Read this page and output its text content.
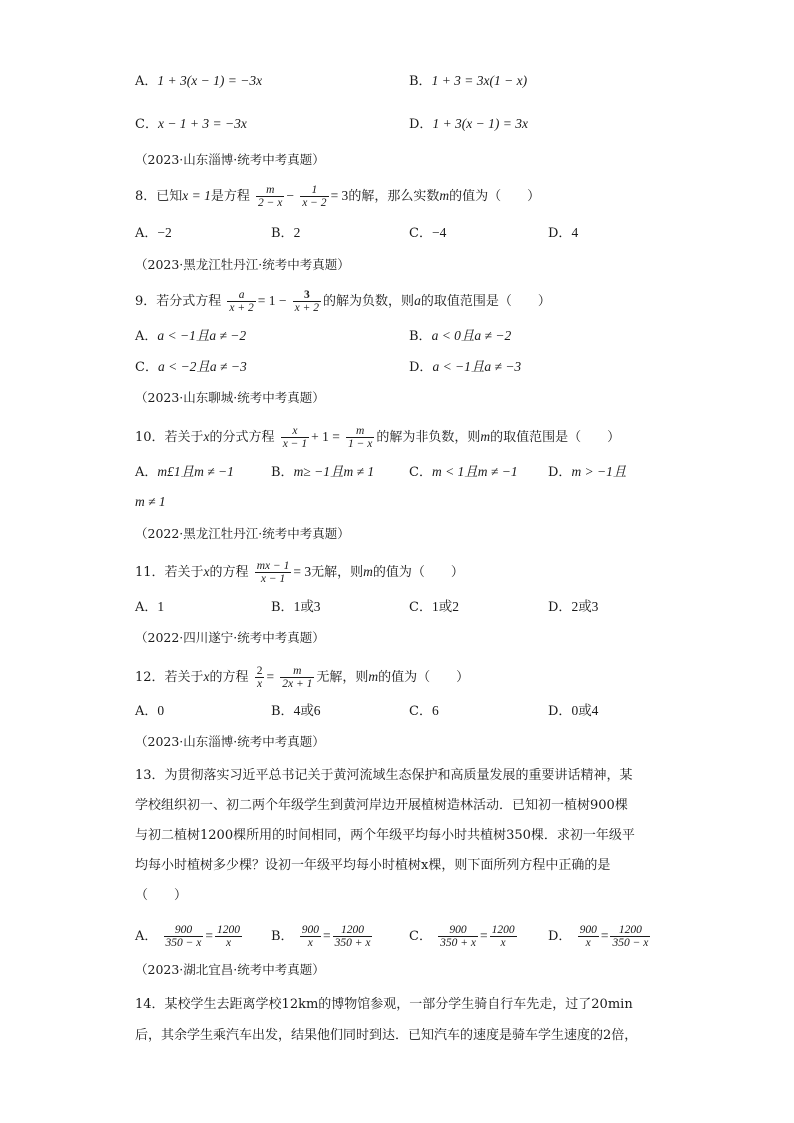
A．1 + 3(x − 1) = −3x	B．1 + 3 = 3x(1 − x)
C．x − 1 + 3 = −3x	D．1 + 3(x − 1) = 3x
（2023·山东淄博·统考中考真题）
8．已知x = 1是方程 $\frac{m}{2 - x} - \frac{1}{x - 2} = 3$的解，那么实数m的值为（　　）
A．−2	B．2	C．−4	D．4
（2023·黑龙江牡丹江·统考中考真题）
9．若分式方程 $\frac{a}{x + 2} = 1 - \frac{3}{x + 2}$ 的解为负数，则a的取值范围是（　　）
A．a < −1且a ≠ −2	B．a < 0且a ≠ −2
C．a < −2且a ≠ −3	D．a < −1且a ≠ −3
（2023·山东聊城·统考中考真题）
10．若关于x的分式方程 $\frac{x}{x - 1} + 1 = \frac{m}{1 - x}$ 的解为非负数，则m的取值范围是（　　）
A．m£1且m ≠ −1	B．m≥ −1且m ≠ 1	C．m < 1且m ≠ −1 D．m > −1且
m ≠ 1
（2022·黑龙江牡丹江·统考中考真题）
11．若关于x的方程 $\frac{mx - 1}{x - 1} = 3$无解，则m的值为（　　）
A．1	B．1或3	C．1或2	D．2或3
（2022·四川遂宁·统考中考真题）
12．若关于x的方程 $\frac{2}{x} = \frac{m}{2x + 1}$ 无解，则m的值为（　　）
A．0	B．4或6	C．6	D．0或4
（2023·山东淄博·统考中考真题）
13．为贯彻落实习近平总书记关于黄河流域生态保护和高质量发展的重要讲话精神，某
学校组织初一、初二两个年级学生到黄河岸边开展植树造林活动．已知初一植树900棵
与初二植树1200棵所用的时间相同，两个年级平均每小时共植树350棵．求初一年级平
均每小时植树多少棵？设初一年级平均每小时植树x棵，则下面所列方程中正确的是
（　　）
A． $\frac{900}{350 - x} = \frac{1200}{x}$ B． $\frac{900}{x} = \frac{1200}{350 + x}$	C． $\frac{900}{350 + x} = \frac{1200}{x}$ D． $\frac{900}{x} = \frac{1200}{350 - x}$
（2023·湖北宜昌·统考中考真题）
14．某校学生去距离学校12km的博物馆参观，一部分学生骑自行车先走，过了20min
后，其余学生乘汽车出发，结果他们同时到达．已知汽车的速度是骑车学生速度的2倍，
